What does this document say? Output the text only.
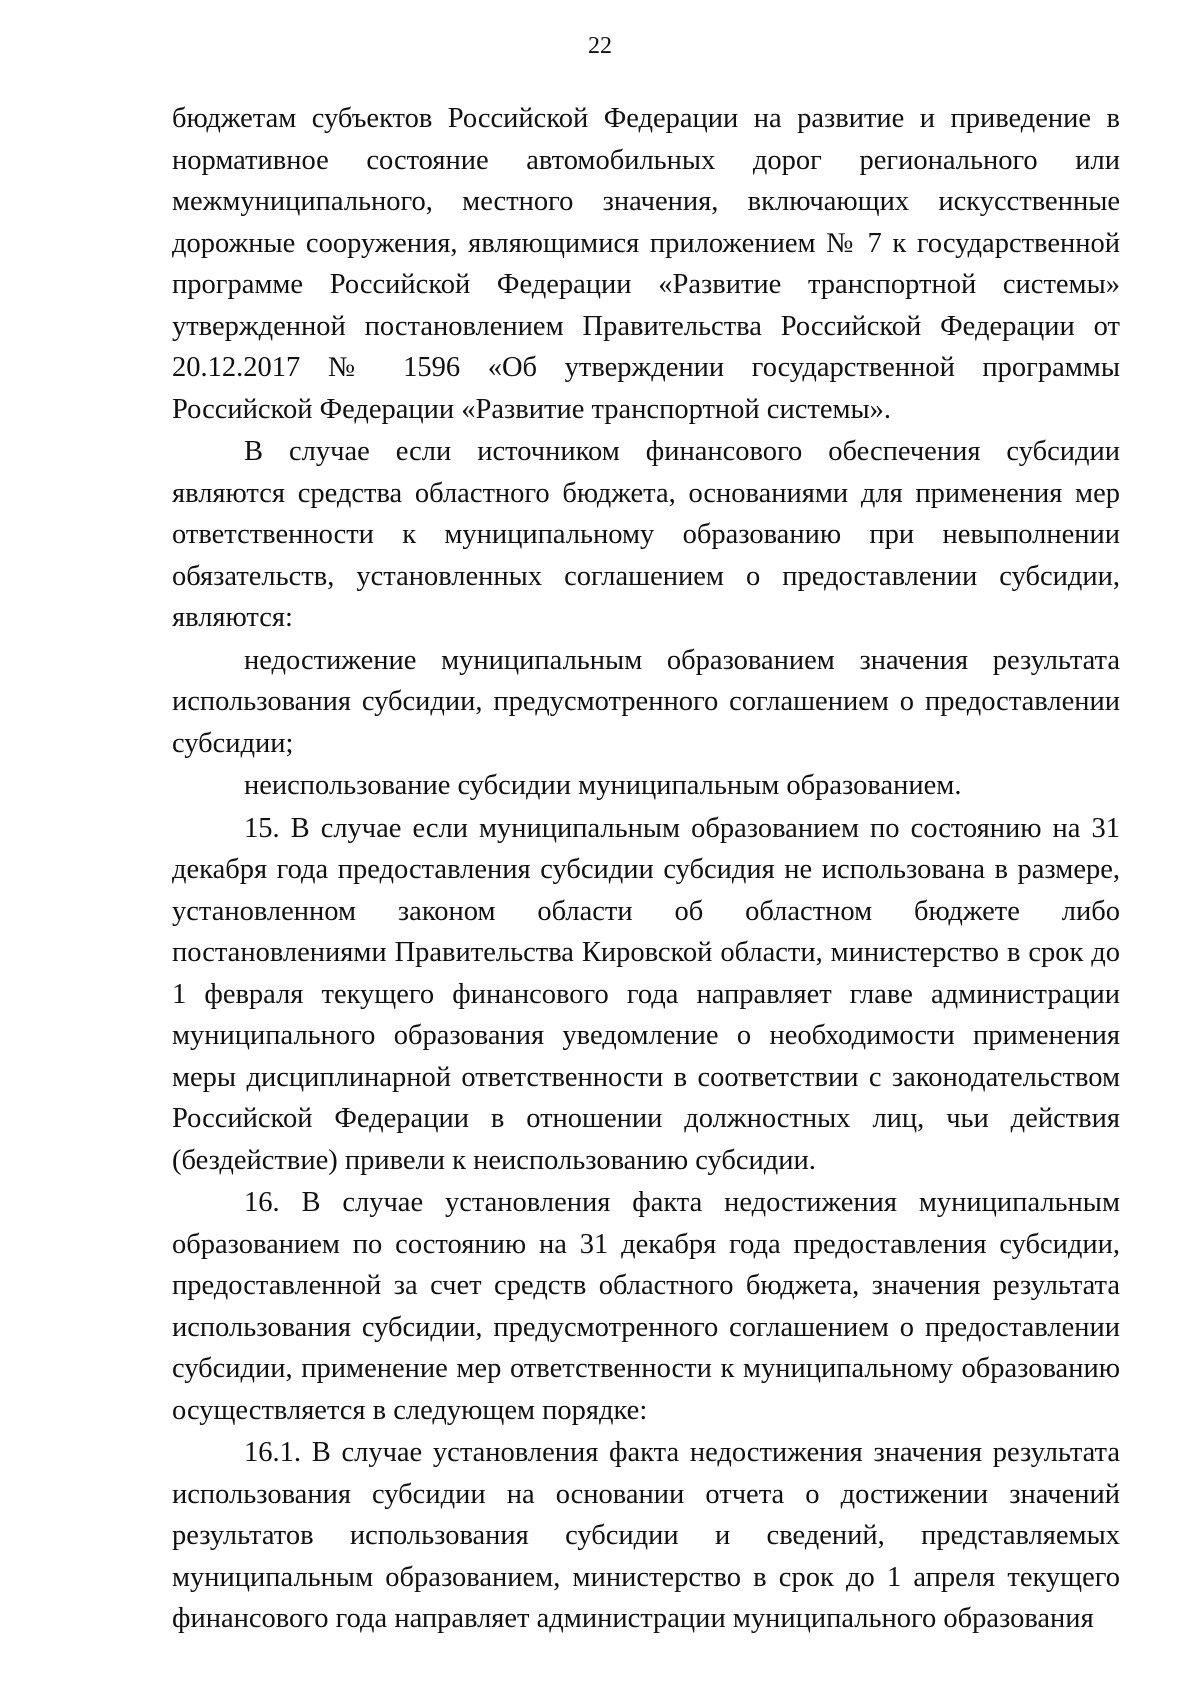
22

бюджетам субъектов Российской Федерации на развитие и приведение в нормативное состояние автомобильных дорог регионального или межмуниципального, местного значения, включающих искусственные дорожные сооружения, являющимися приложением № 7 к государственной программе Российской Федерации «Развитие транспортной системы» утвержденной постановлением Правительства Российской Федерации от 20.12.2017 № 1596 «Об утверждении государственной программы Российской Федерации «Развитие транспортной системы».

В случае если источником финансового обеспечения субсидии являются средства областного бюджета, основаниями для применения мер ответственности к муниципальному образованию при невыполнении обязательств, установленных соглашением о предоставлении субсидии, являются:

недостижение муниципальным образованием значения результата использования субсидии, предусмотренного соглашением о предоставлении субсидии;

неиспользование субсидии муниципальным образованием.

15. В случае если муниципальным образованием по состоянию на 31 декабря года предоставления субсидии субсидия не использована в размере, установленном законом области об областном бюджете либо постановлениями Правительства Кировской области, министерство в срок до 1 февраля текущего финансового года направляет главе администрации муниципального образования уведомление о необходимости применения меры дисциплинарной ответственности в соответствии с законодательством Российской Федерации в отношении должностных лиц, чьи действия (бездействие) привели к неиспользованию субсидии.

16. В случае установления факта недостижения муниципальным образованием по состоянию на 31 декабря года предоставления субсидии, предоставленной за счет средств областного бюджета, значения результата использования субсидии, предусмотренного соглашением о предоставлении субсидии, применение мер ответственности к муниципальному образованию осуществляется в следующем порядке:

16.1. В случае установления факта недостижения значения результата использования субсидии на основании отчета о достижении значений результатов использования субсидии и сведений, представляемых муниципальным образованием, министерство в срок до 1 апреля текущего финансового года направляет администрации муниципального образования
